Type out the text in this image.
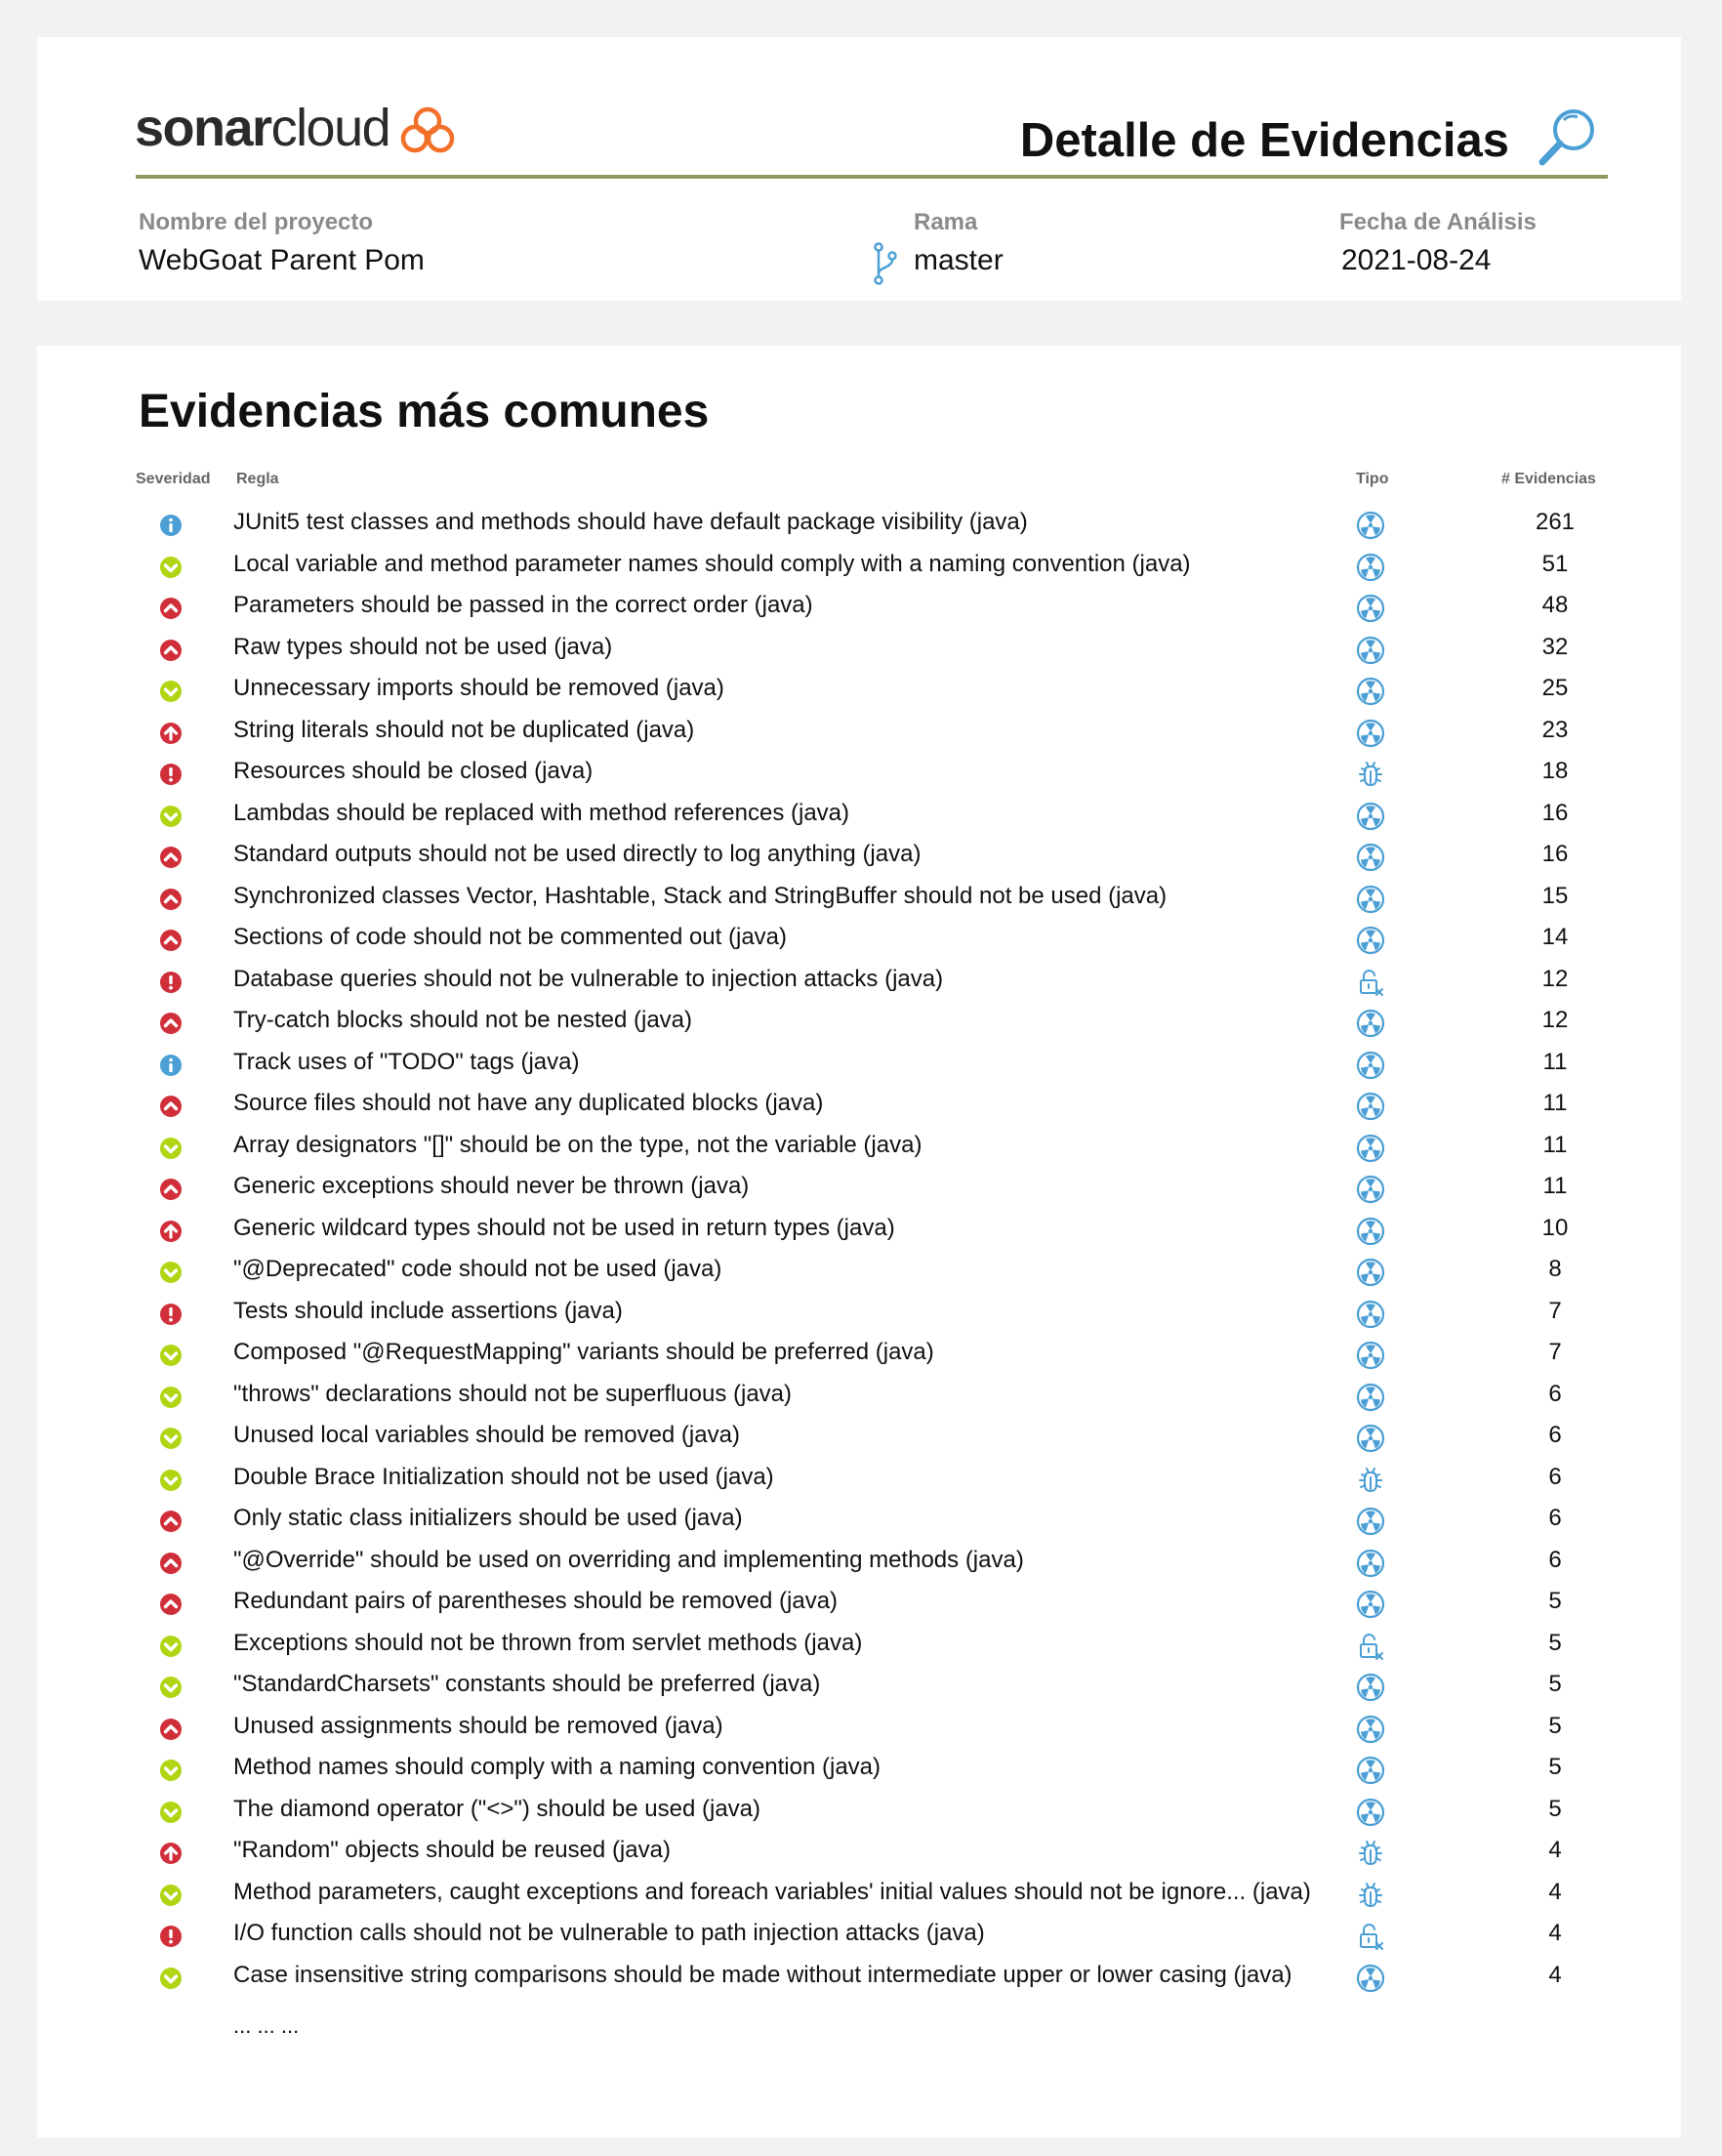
sonar cloud	Detalle de Evidencias
Nombre del proyecto
WebGoat Parent Pom
Rama
master
Fecha de Análisis
2021-08-24
Evidencias más comunes
Severidad Regla	Tipo	# Evidencias
JUnit5 test classes and methods should have default package visibility (java)	261
Local variable and method parameter names should comply with a naming convention (java)	51
Parameters should be passed in the correct order (java)	48
Raw types should not be used (java)	32
Unnecessary imports should be removed (java)	25
String literals should not be duplicated (java)	23
Resources should be closed (java)	18
Lambdas should be replaced with method references (java)	16
Standard outputs should not be used directly to log anything (java)	16
Synchronized classes Vector, Hashtable, Stack and StringBuffer should not be used (java)	15
Sections of code should not be commented out (java)	14
Database queries should not be vulnerable to injection attacks (java)	12
Try-catch blocks should not be nested (java)	12
Track uses of "TODO" tags (java)	11
Source files should not have any duplicated blocks (java)	11
Array designators "[]" should be on the type, not the variable (java)	11
Generic exceptions should never be thrown (java)	11
Generic wildcard types should not be used in return types (java)	10
"@Deprecated" code should not be used (java)	8
Tests should include assertions (java)	7
Composed "@RequestMapping" variants should be preferred (java)	7
"throws" declarations should not be superfluous (java)	6
Unused local variables should be removed (java)	6
Double Brace Initialization should not be used (java)	6
Only static class initializers should be used (java)	6
"@Override" should be used on overriding and implementing methods (java)	6
Redundant pairs of parentheses should be removed (java)	5
Exceptions should not be thrown from servlet methods (java)	5
"StandardCharsets" constants should be preferred (java)	5
Unused assignments should be removed (java)	5
Method names should comply with a naming convention (java)	5
The diamond operator ("<>") should be used (java)	5
"Random" objects should be reused (java)	4
Method parameters, caught exceptions and foreach variables' initial values should not be ignore... (java)	4
I/O function calls should not be vulnerable to path injection attacks (java)	4
Case insensitive string comparisons should be made without intermediate upper or lower casing (java)	4
... ... ...
